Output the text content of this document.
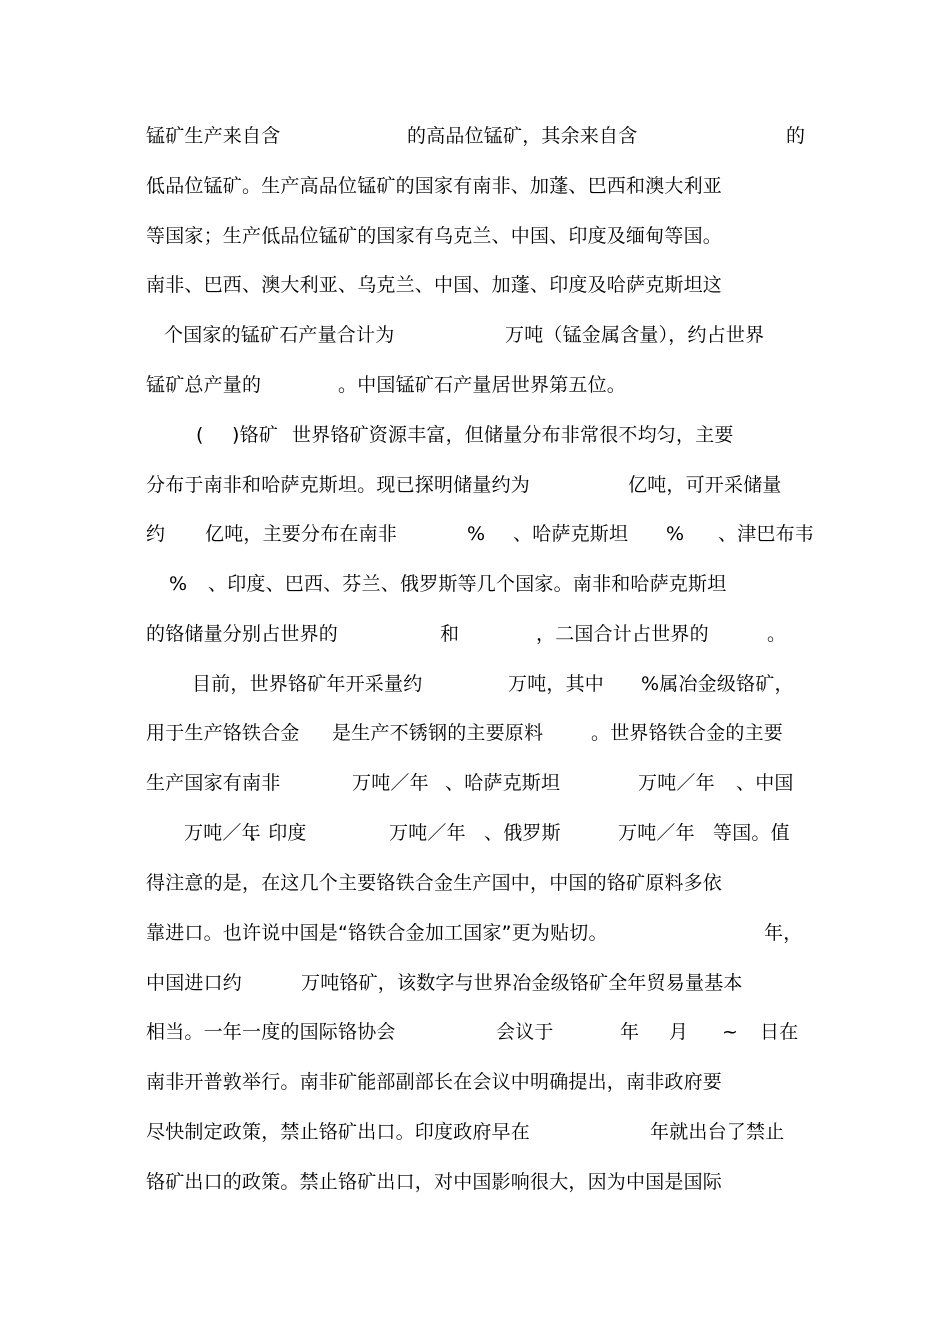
锰矿生产来自含	的高品位锰矿，其余来自含	的
低品位锰矿。生产高品位锰矿的国家有南非、加蓬、巴西和澳大利亚
等国家；生产低品位锰矿的国家有乌克兰、中国、印度及缅甸等国。
南非、巴西、澳大利亚、乌克兰、中国、加蓬、印度及哈萨克斯坦这
个国家的锰矿石产量合计为	万吨（锰金属含量），约占世界
锰矿总产量的	。中国锰矿石产量居世界第五位。
( )铬矿 世界铬矿资源丰富，但储量分布非常很不均匀，主要
分布于南非和哈萨克斯坦。现已探明储量约为	亿吨，可开采储量
约 亿吨，主要分布在南非	% 、哈萨克斯坦 % 、津巴布韦
% 、印度、巴西、芬兰、俄罗斯等几个国家。南非和哈萨克斯坦
的铬储量分别占世界的	和	，二国合计占世界的	。
目前，世界铬矿年开采量约	万吨，其中 %属冶金级铬矿，
用于生产铬铁合金 是生产不锈钢的主要原料	。世界铬铁合金的主要
生产国家有南非	万吨／年 、哈萨克斯坦	万吨／年 、中国
万吨／年
、印度	万吨／年 、俄罗斯	万吨／年 等国。值
得注意的是，在这几个主要铬铁合金生产国中，中国的铬矿原料多依
靠进口。也许说中国是“铬铁合金加工国家”更为贴切。	年，
中国进口约	万吨铬矿，该数字与世界冶金级铬矿全年贸易量基本
相当。一年一度的国际铬协会	会议于	年 月 ~ 日在
南非开普敦举行。南非矿能部副部长在会议中明确提出，南非政府要
尽快制定政策，禁止铬矿出口。印度政府早在	年就出台了禁止
铬矿出口的政策。禁止铬矿出口，对中国影响很大，因为中国是国际
